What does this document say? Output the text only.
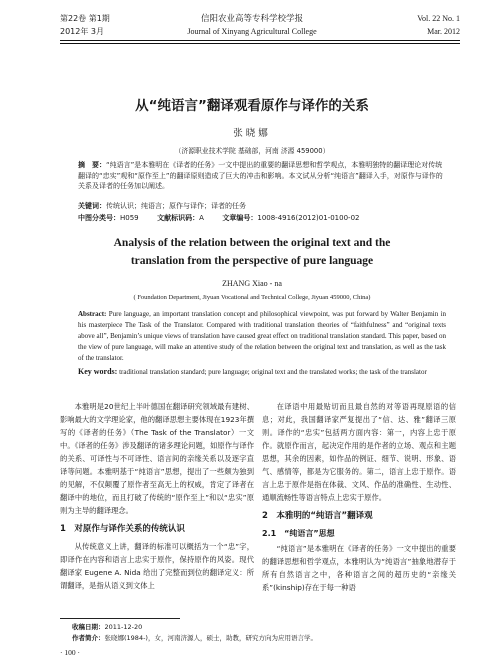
第22卷 第1期
2012年 3月
信阳农业高等专科学校学报
Journal of Xinyang Agricultural College
Vol. 22 No. 1
Mar. 2012
从“纯语言”翻译观看原作与译作的关系
张晓娜
（济源职业技术学院 基础部，河南 济源 459000）
摘　要：“纯语言”是本雅明在《译者的任务》一文中提出的重要的翻译思想和哲学观点，本雅明独特的翻译理论对传统翻译的“忠实”观和“原作至上”的翻译原则造成了巨大的冲击和影响。本文试从分析“纯语言”翻译入手，对原作与译作的关系及译者的任务加以阐述。
关键词：传统认识；纯语言；原作与译作；译者的任务
中图分类号：H059	文献标识码：A	文章编号：1008-4916(2012)01-0100-02
Analysis of the relation between the original text and the translation from the perspective of pure language
ZHANG Xiao - na
( Foundation Department, Jiyuan Vocational and Technical College, Jiyuan 459000, China)
Abstract: Pure language, an important translation concept and philosophical viewpoint, was put forward by Walter Benjamin in his masterpiece The Task of the Translator. Compared with traditional translation theories of “faithfulness” and “original texts above all”, Benjamin’s unique views of translation have caused great effect on traditional translation standard. This paper, based on the view of pure language, will make an attentive study of the relation between the original text and translation, as well as the task of the translator.
Key words: traditional translation standard; pure language; original text and the translated works; the task of the translator

本雅明是20世纪上半叶德国在翻译研究领域最有建树、影响最大的文学理论家，他的翻译思想主要体现在1923年撰写的《译者的任务》（The Task of the Translator）一文中。《译者的任务》涉及翻译的诸多理论问题，如原作与译作的关系、可译性与不可译性、语言间的亲缘关系以及逐字直译等问题。本雅明基于“纯语言”思想，提出了一些颇为独到的见解，不仅颠覆了原作者至高无上的权威，肯定了译者在翻译中的地位，而且打破了传统的“原作至上”和以“忠实”原则为主导的翻译理念。

1　对原作与译作关系的传统认识

从传统意义上讲，翻译的标准可以概括为一个“忠”字，即译作在内容和语言上忠实于原作，保持原作的风姿。现代翻译家 Eugene A. Nida 给出了完整而到位的翻译定义：所谓翻译，是指从语义到文体上

在译语中用最贴切而且最自然的对等语再现原语的信息；对此，我国翻译家严复提出了“信、达、雅”翻译三原则。译作的“忠实”包括两方面内容：第一，内容上忠于原作。就原作而言，起决定作用的是作者的立场、观点和主题思想，其余的因素，如作品的例证、细节、说明、形象、语气、感情等，都是为它服务的。第二，语言上忠于原作。语言上忠于原作是指在体裁、文风、作品的准确性、生动性、通顺流畅性等语言特点上忠实于原作。

2　本雅明的“纯语言”翻译观
2.1　“纯语言”思想

“纯语言”是本雅明在《译者的任务》一文中提出的重要的翻译思想和哲学观点，本雅明认为“纯语言”抽象地潜存于所有自然语言之中，各种语言之间的超历史的“亲缘关系”(kinship)存在于每一种语

收稿日期：2011-12-20
作者简介：张晓娜(1984-)，女，河南济源人，硕士，助教，研究方向为应用语言学。
· 100 ·
